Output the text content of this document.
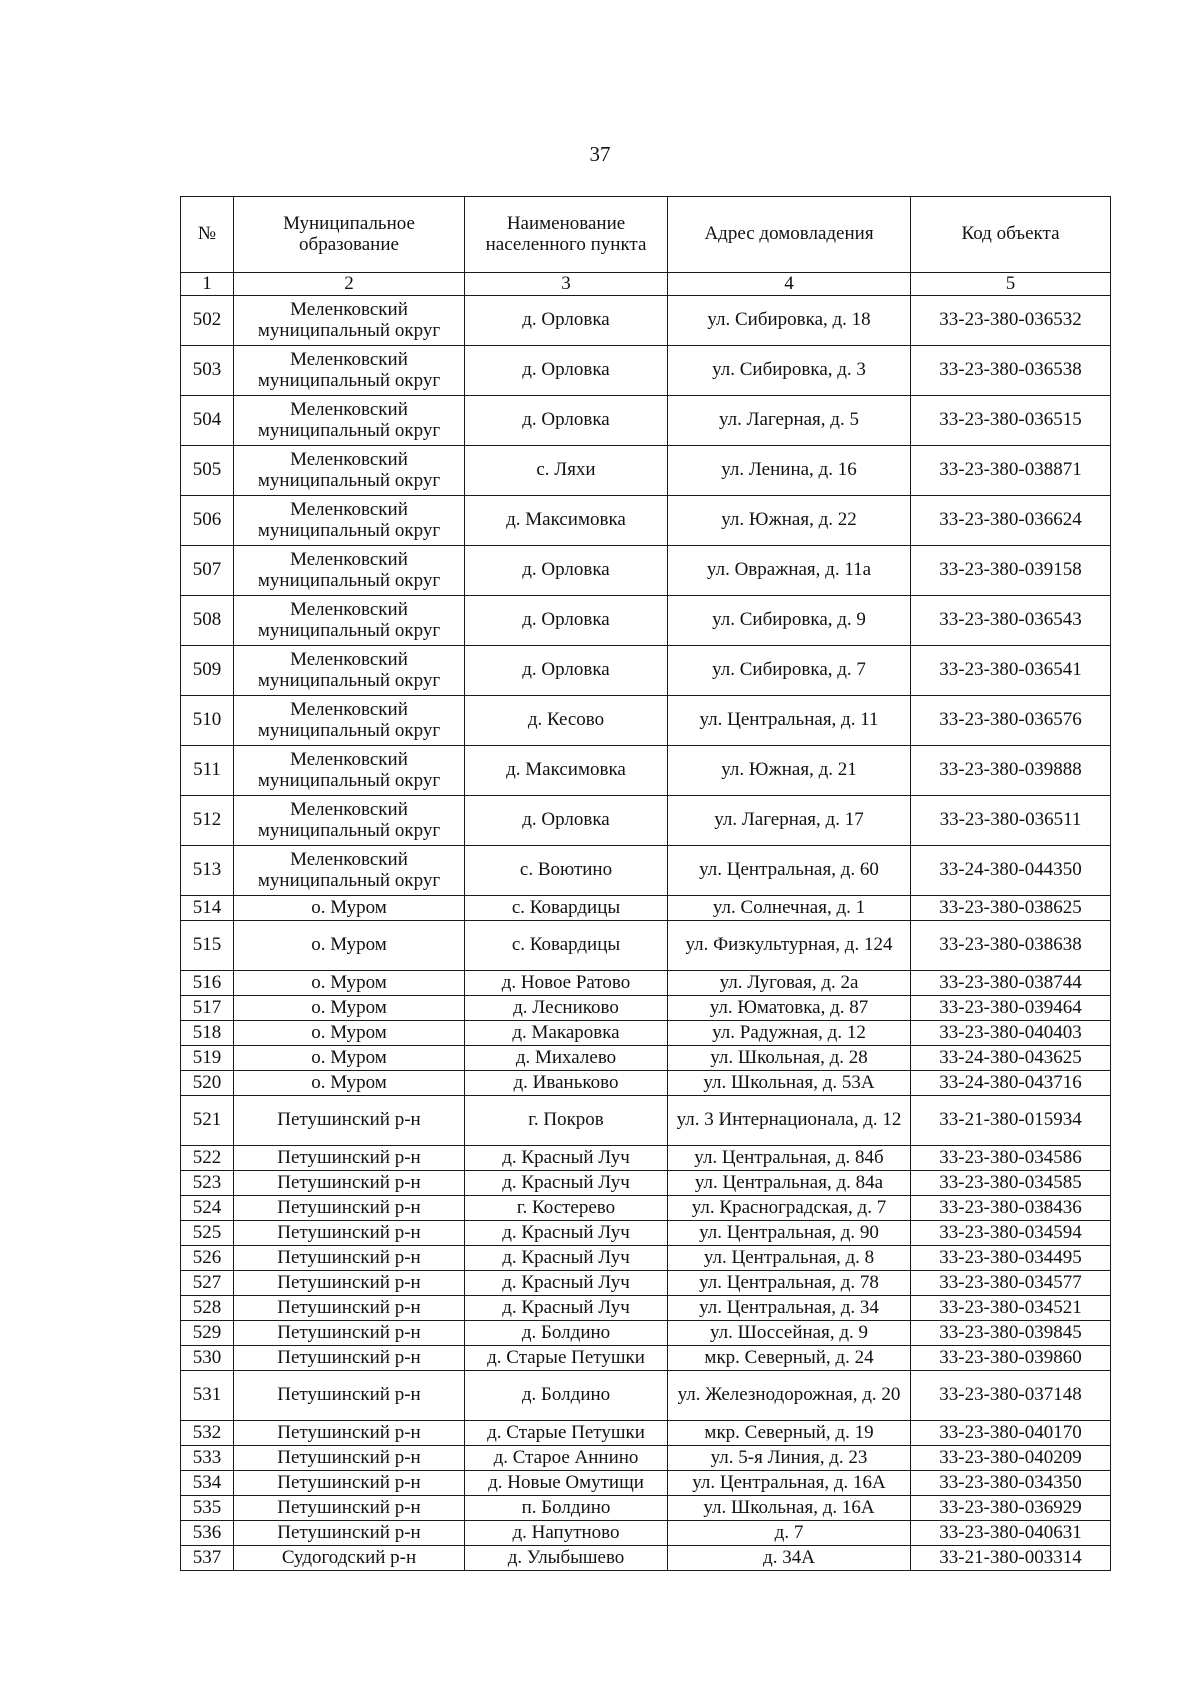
37
№	Муниципальное образование	Наименование населенного пункта	Адрес домовладения	Код объекта
1	2	3	4	5
502	Меленковский муниципальный округ	д. Орловка	ул. Сибировка, д. 18	33-23-380-036532
503	Меленковский муниципальный округ	д. Орловка	ул. Сибировка, д. 3	33-23-380-036538
504	Меленковский муниципальный округ	д. Орловка	ул. Лагерная, д. 5	33-23-380-036515
505	Меленковский муниципальный округ	с. Ляхи	ул. Ленина, д. 16	33-23-380-038871
506	Меленковский муниципальный округ	д. Максимовка	ул. Южная, д. 22	33-23-380-036624
507	Меленковский муниципальный округ	д. Орловка	ул. Овражная, д. 11а	33-23-380-039158
508	Меленковский муниципальный округ	д. Орловка	ул. Сибировка, д. 9	33-23-380-036543
509	Меленковский муниципальный округ	д. Орловка	ул. Сибировка, д. 7	33-23-380-036541
510	Меленковский муниципальный округ	д. Кесово	ул. Центральная, д. 11	33-23-380-036576
511	Меленковский муниципальный округ	д. Максимовка	ул. Южная, д. 21	33-23-380-039888
512	Меленковский муниципальный округ	д. Орловка	ул. Лагерная, д. 17	33-23-380-036511
513	Меленковский муниципальный округ	с. Воютино	ул. Центральная, д. 60	33-24-380-044350
514	о. Муром	с. Ковардицы	ул. Солнечная, д. 1	33-23-380-038625
515	о. Муром	с. Ковардицы	ул. Физкультурная, д. 124	33-23-380-038638
516	о. Муром	д. Новое Ратово	ул. Луговая, д. 2а	33-23-380-038744
517	о. Муром	д. Лесниково	ул. Юматовка, д. 87	33-23-380-039464
518	о. Муром	д. Макаровка	ул. Радужная, д. 12	33-23-380-040403
519	о. Муром	д. Михалево	ул. Школьная, д. 28	33-24-380-043625
520	о. Муром	д. Иваньково	ул. Школьная, д. 53А	33-24-380-043716
521	Петушинский р-н	г. Покров	ул. 3 Интернационала, д. 12	33-21-380-015934
522	Петушинский р-н	д. Красный Луч	ул. Центральная, д. 84б	33-23-380-034586
523	Петушинский р-н	д. Красный Луч	ул. Центральная, д. 84а	33-23-380-034585
524	Петушинский р-н	г. Костерево	ул. Красноградская, д. 7	33-23-380-038436
525	Петушинский р-н	д. Красный Луч	ул. Центральная, д. 90	33-23-380-034594
526	Петушинский р-н	д. Красный Луч	ул. Центральная, д. 8	33-23-380-034495
527	Петушинский р-н	д. Красный Луч	ул. Центральная, д. 78	33-23-380-034577
528	Петушинский р-н	д. Красный Луч	ул. Центральная, д. 34	33-23-380-034521
529	Петушинский р-н	д. Болдино	ул. Шоссейная, д. 9	33-23-380-039845
530	Петушинский р-н	д. Старые Петушки	мкр. Северный, д. 24	33-23-380-039860
531	Петушинский р-н	д. Болдино	ул. Железнодорожная, д. 20	33-23-380-037148
532	Петушинский р-н	д. Старые Петушки	мкр. Северный, д. 19	33-23-380-040170
533	Петушинский р-н	д. Старое Аннино	ул. 5-я Линия, д. 23	33-23-380-040209
534	Петушинский р-н	д. Новые Омутищи	ул. Центральная, д. 16А	33-23-380-034350
535	Петушинский р-н	п. Болдино	ул. Школьная, д. 16А	33-23-380-036929
536	Петушинский р-н	д. Напутново	д. 7	33-23-380-040631
537	Судогодский р-н	д. Улыбышево	д. 34А	33-21-380-003314
